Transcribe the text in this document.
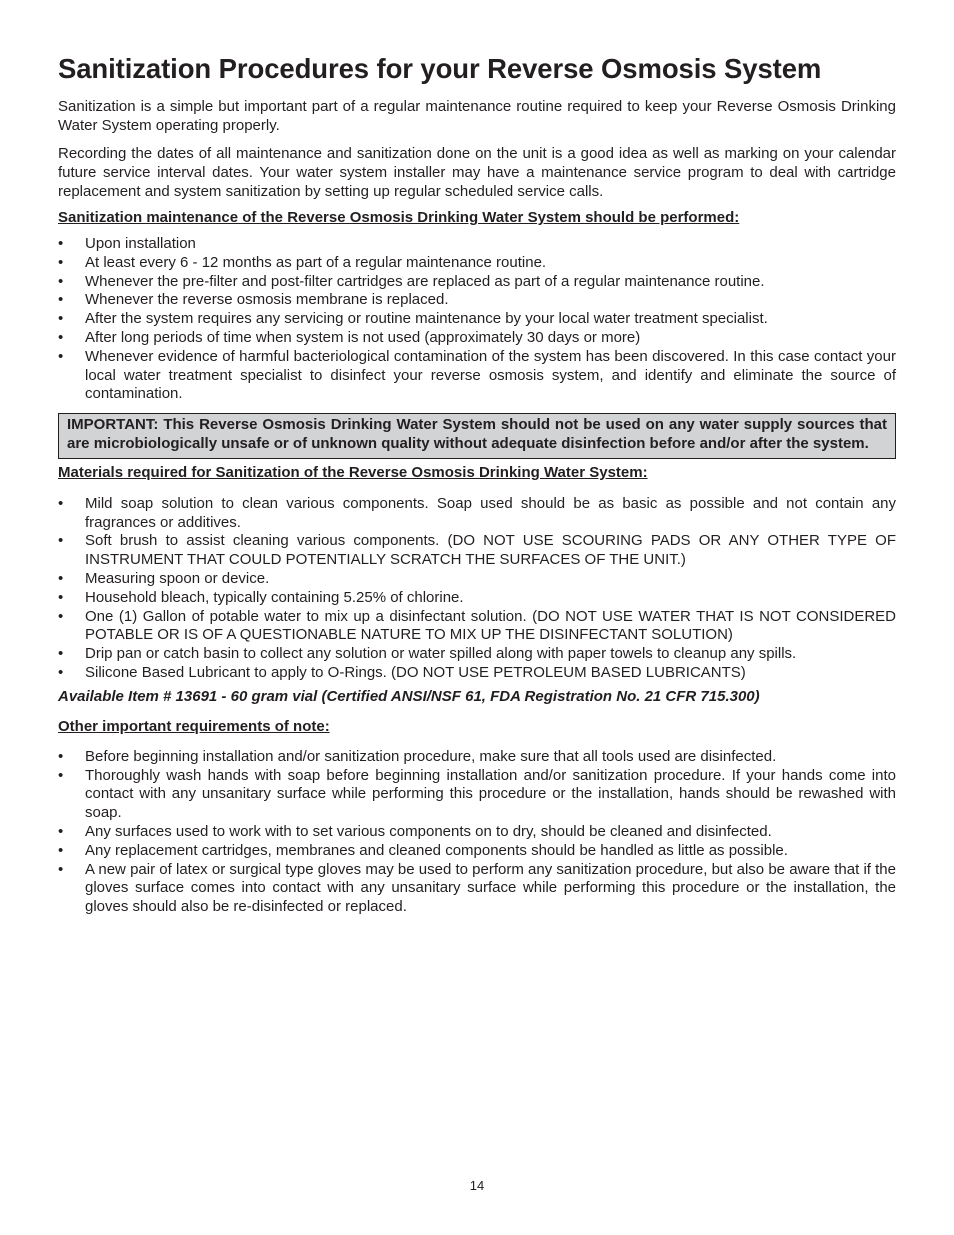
Sanitization Procedures for your Reverse Osmosis System

Sanitization is a simple but important part of a regular maintenance routine required to keep your Reverse Osmosis Drinking Water System operating properly.

Recording the dates of all maintenance and sanitization done on the unit is a good idea as well as marking on your calendar future service interval dates. Your water system installer may have a maintenance service program to deal with cartridge replacement and system sanitization by setting up regular scheduled service calls.

Sanitization maintenance of the Reverse Osmosis Drinking Water System should be performed:

• Upon installation
• At least every 6 - 12 months as part of a regular maintenance routine.
• Whenever the pre-filter and post-filter cartridges are replaced as part of a regular maintenance routine.
• Whenever the reverse osmosis membrane is replaced.
• After the system requires any servicing or routine maintenance by your local water treatment specialist.
• After long periods of time when system is not used (approximately 30 days or more)
• Whenever evidence of harmful bacteriological contamination of the system has been discovered. In this case contact your local water treatment specialist to disinfect your reverse osmosis system, and identify and eliminate the source of contamination.
IMPORTANT: This Reverse Osmosis Drinking Water System should not be used on any water supply sources that are microbiologically unsafe or of unknown quality without adequate disinfection before and/or after the system.

Materials required for Sanitization of the Reverse Osmosis Drinking Water System:

• Mild soap solution to clean various components. Soap used should be as basic as possible and not contain any fragrances or additives.
• Soft brush to assist cleaning various components. (DO NOT USE SCOURING PADS OR ANY OTHER TYPE OF INSTRUMENT THAT COULD POTENTIALLY SCRATCH THE SURFACES OF THE UNIT.)
• Measuring spoon or device.
• Household bleach, typically containing 5.25% of chlorine.
• One (1) Gallon of potable water to mix up a disinfectant solution. (DO NOT USE WATER THAT IS NOT CONSIDERED POTABLE OR IS OF A QUESTIONABLE NATURE TO MIX UP THE DISINFECTANT SOLUTION)
• Drip pan or catch basin to collect any solution or water spilled along with paper towels to cleanup any spills.
• Silicone Based Lubricant to apply to O-Rings. (DO NOT USE PETROLEUM BASED LUBRICANTS)

Available Item # 13691 - 60 gram vial (Certified ANSI/NSF 61, FDA Registration No. 21 CFR 715.300)

Other important requirements of note:

• Before beginning installation and/or sanitization procedure, make sure that all tools used are disinfected.
• Thoroughly wash hands with soap before beginning installation and/or sanitization procedure. If your hands come into contact with any unsanitary surface while performing this procedure or the installation, hands should be rewashed with soap.
• Any surfaces used to work with to set various components on to dry, should be cleaned and disinfected.
• Any replacement cartridges, membranes and cleaned components should be handled as little as possible.
• A new pair of latex or surgical type gloves may be used to perform any sanitization procedure, but also be aware that if the gloves surface comes into contact with any unsanitary surface while performing this procedure or the installation, the gloves should also be re-disinfected or replaced.
14
